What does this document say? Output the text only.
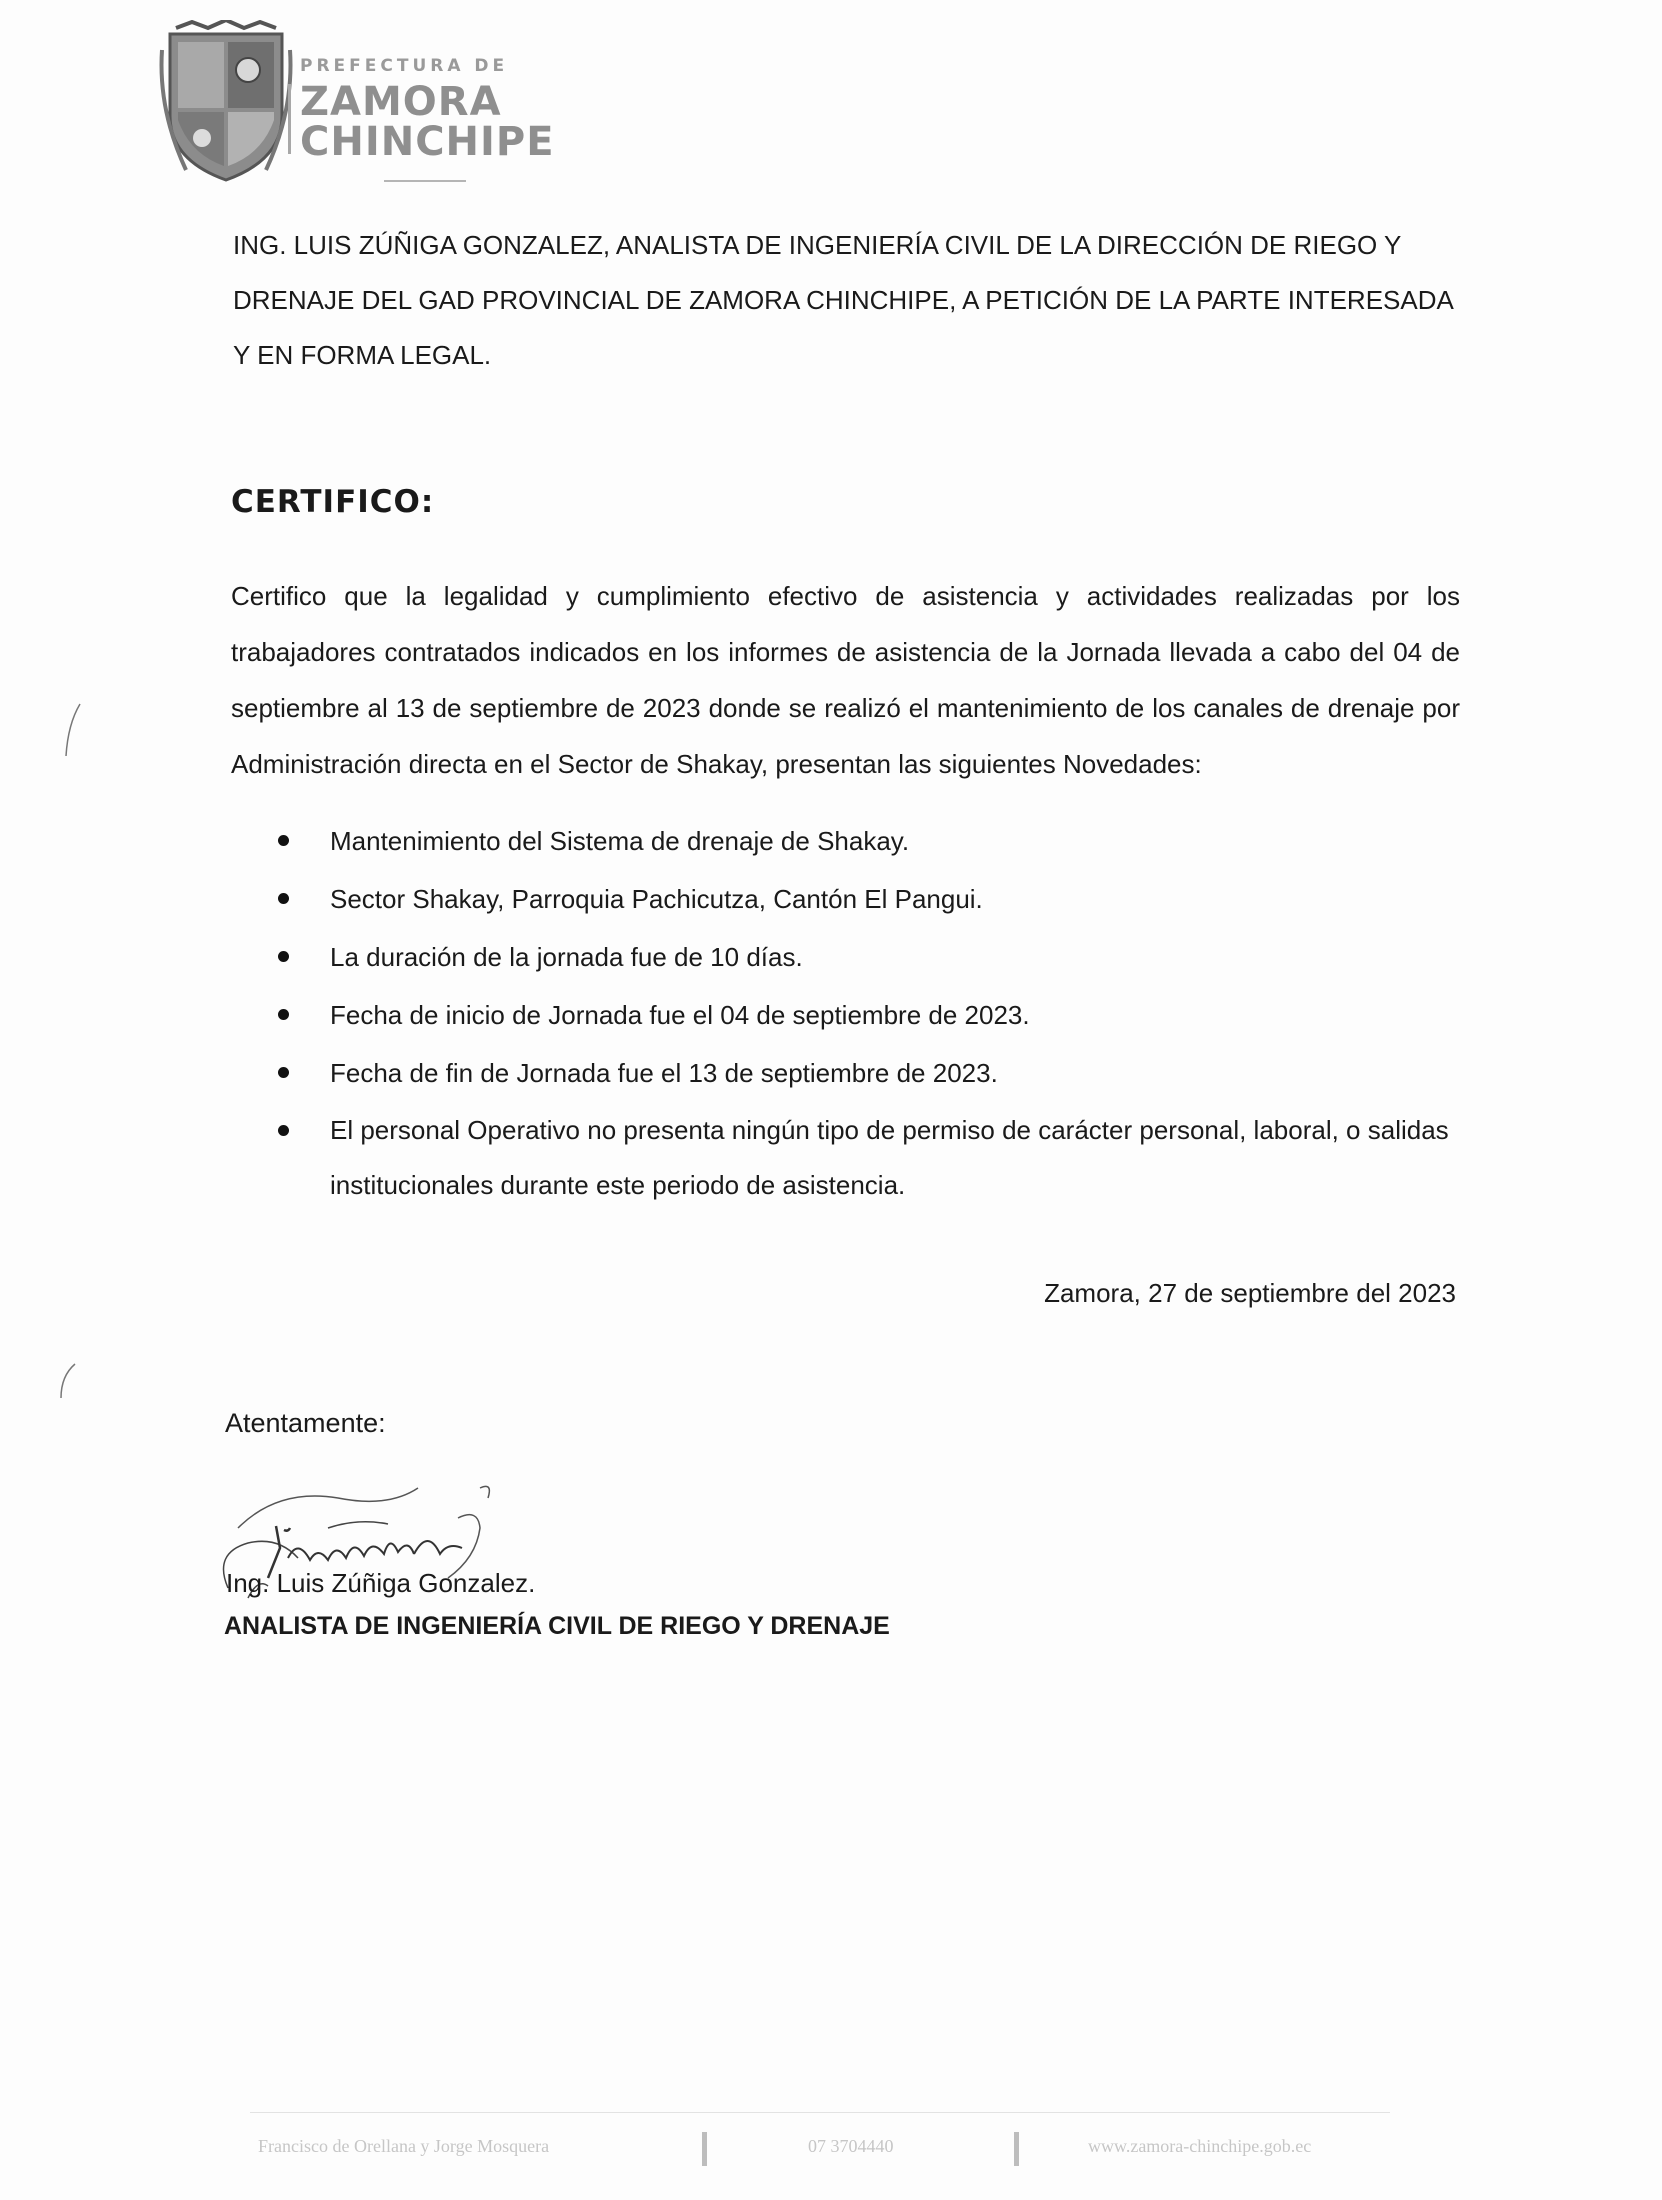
PREFECTURA DE
ZAMORA
CHINCHIPE

ING. LUIS ZÚÑIGA GONZALEZ, ANALISTA DE INGENIERÍA CIVIL DE LA DIRECCIÓN DE RIEGO Y DRENAJE DEL GAD PROVINCIAL DE ZAMORA CHINCHIPE, A PETICIÓN DE LA PARTE INTERESADA Y EN FORMA LEGAL.

CERTIFICO:

Certifico que la legalidad y cumplimiento efectivo de asistencia y actividades realizadas por los trabajadores contratados indicados en los informes de asistencia de la Jornada llevada a cabo del 04 de septiembre al 13 de septiembre de 2023 donde se realizó el mantenimiento de los canales de drenaje por Administración directa en el Sector de Shakay, presentan las siguientes Novedades:

Mantenimiento del Sistema de drenaje de Shakay.
Sector Shakay, Parroquia Pachicutza, Cantón El Pangui.
La duración de la jornada fue de 10 días.
Fecha de inicio de Jornada fue el 04 de septiembre de 2023.
Fecha de fin de Jornada fue el 13 de septiembre de 2023.
El personal Operativo no presenta ningún tipo de permiso de carácter personal, laboral, o salidas institucionales durante este periodo de asistencia.

Zamora, 27 de septiembre del 2023

Atentamente:

Ing. Luis Zúñiga Gonzalez.

ANALISTA DE INGENIERÍA CIVIL DE RIEGO Y DRENAJE

Francisco de Orellana y Jorge Mosquera	07 3704440	www.zamora-chinchipe.gob.ec
